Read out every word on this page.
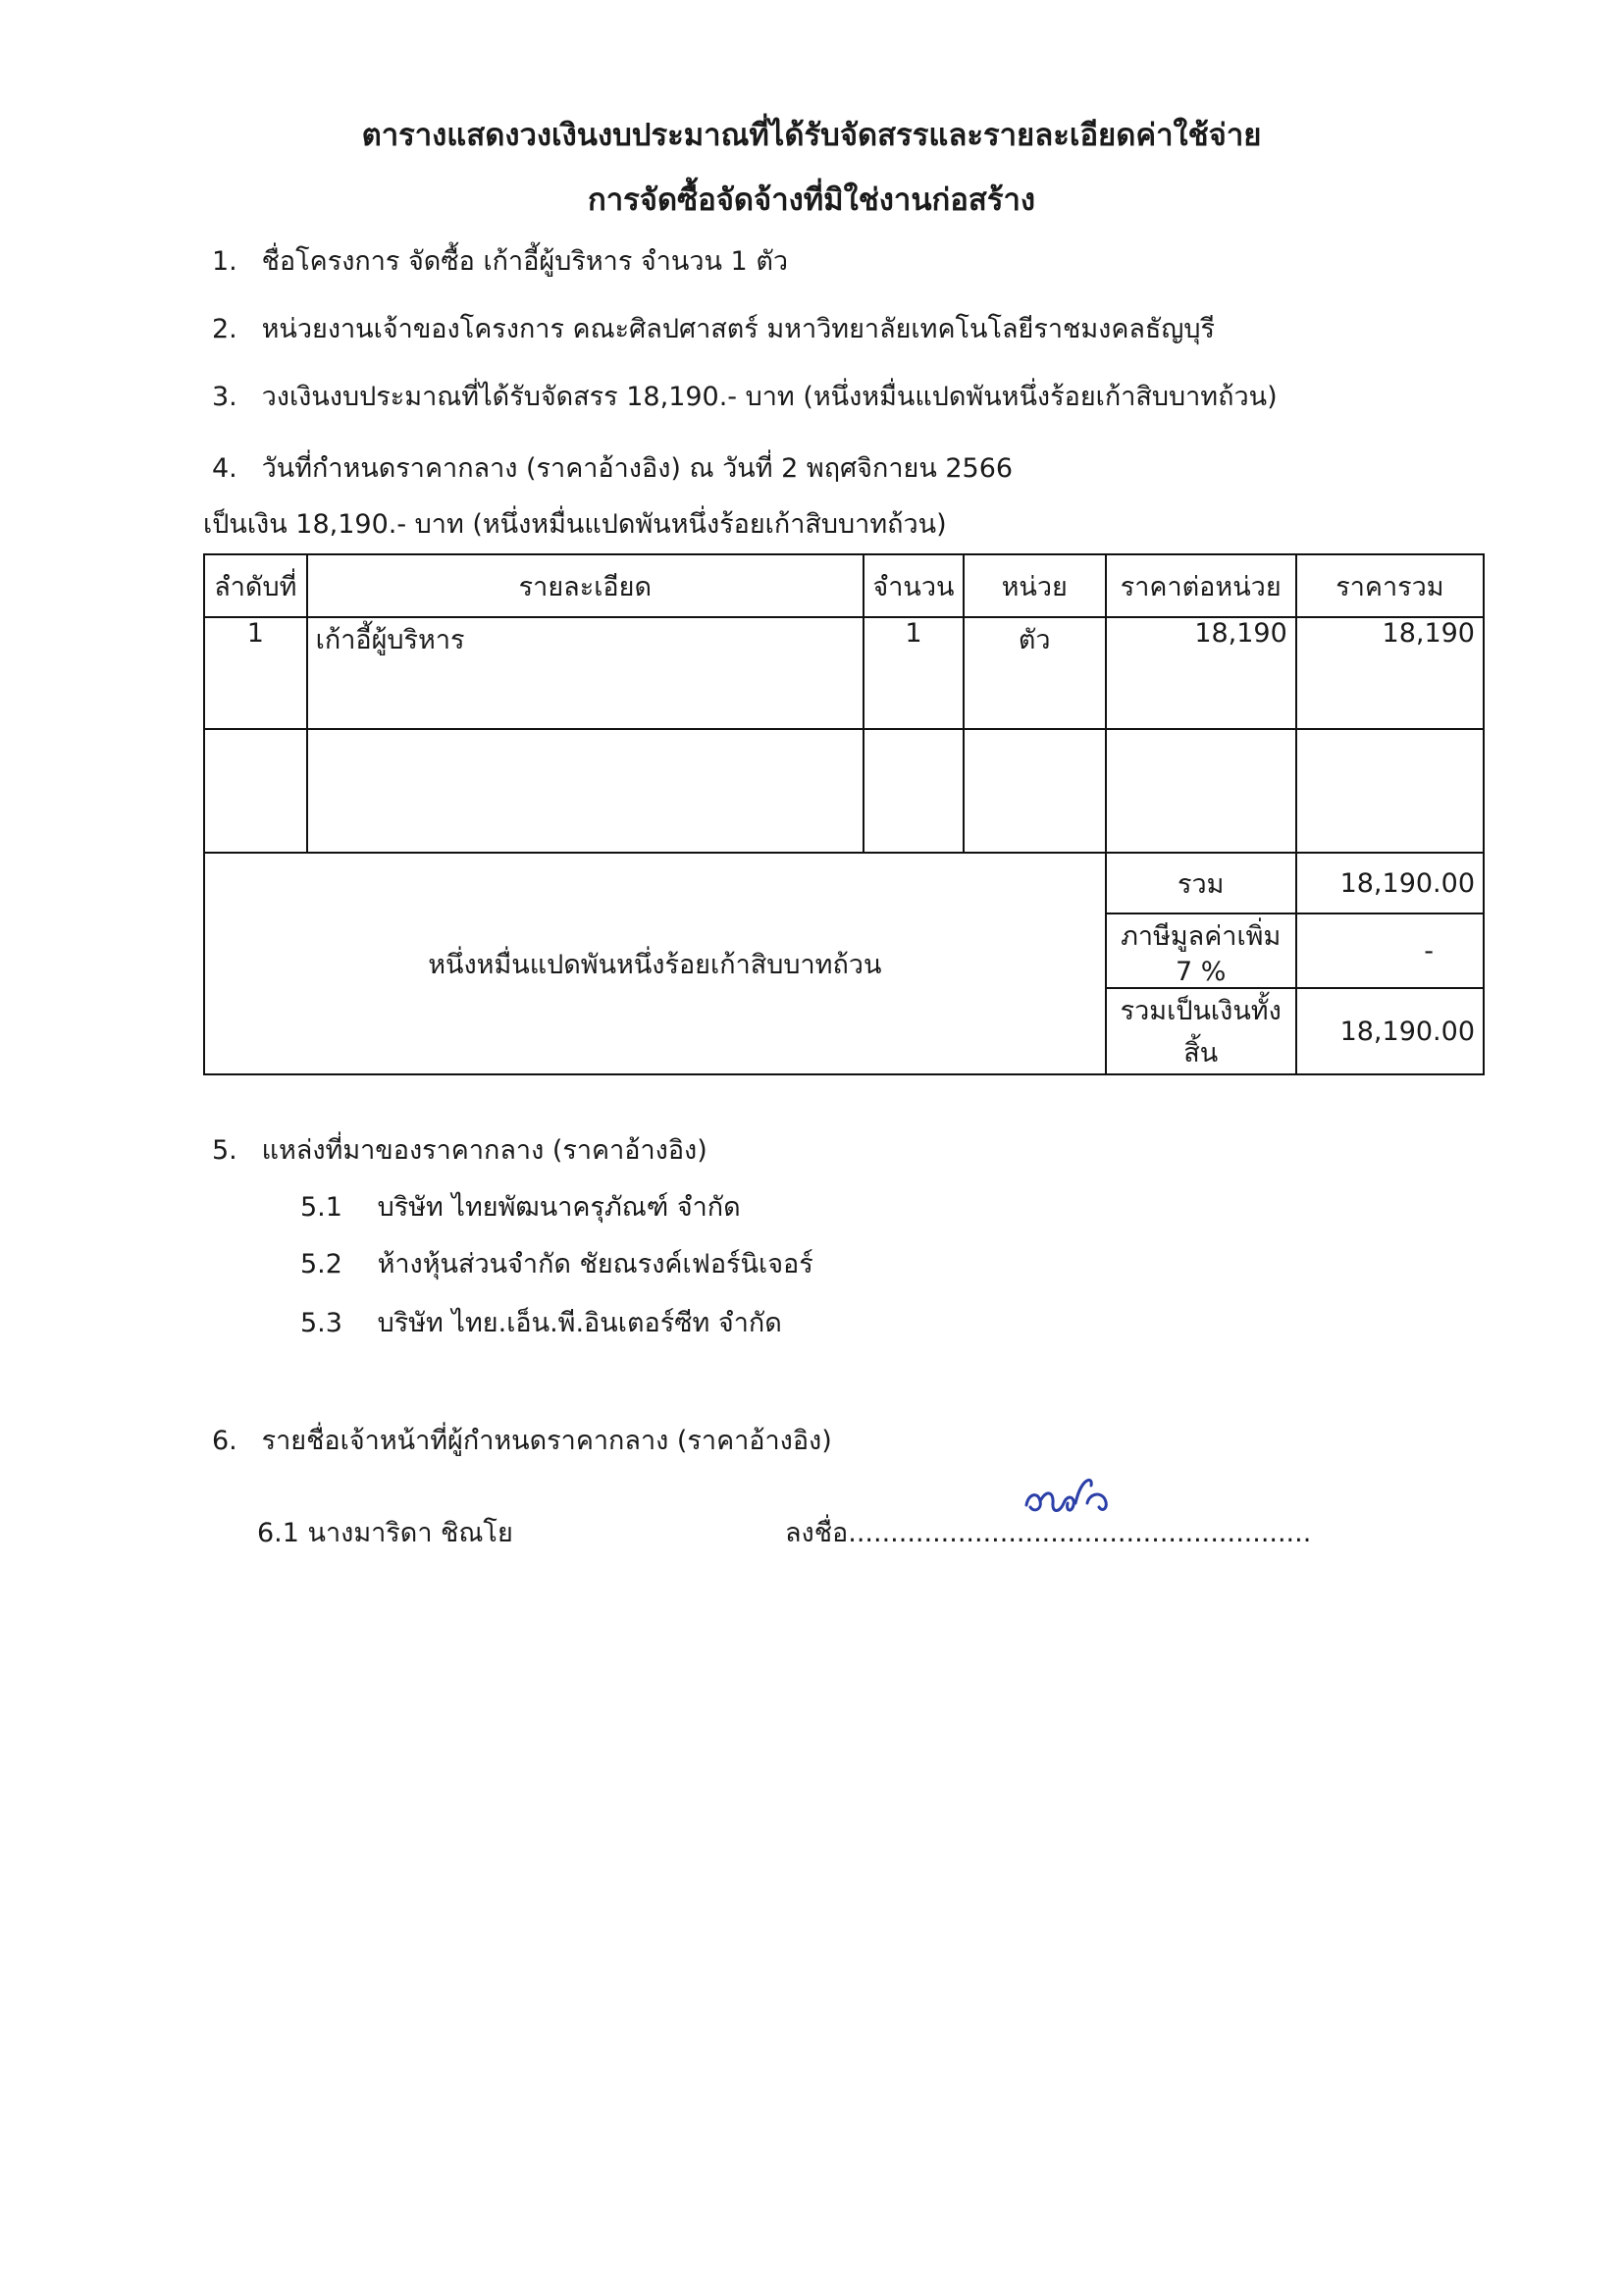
ตารางแสดงวงเงินงบประมาณที่ได้รับจัดสรรและรายละเอียดค่าใช้จ่าย
การจัดซื้อจัดจ้างที่มิใช่งานก่อสร้าง
1. ชื่อโครงการ จัดซื้อ เก้าอี้ผู้บริหาร จำนวน 1 ตัว
2. หน่วยงานเจ้าของโครงการ คณะศิลปศาสตร์ มหาวิทยาลัยเทคโนโลยีราชมงคลธัญบุรี
3. วงเงินงบประมาณที่ได้รับจัดสรร 18,190.- บาท (หนึ่งหมื่นแปดพันหนึ่งร้อยเก้าสิบบาทถ้วน)
4. วันที่กำหนดราคากลาง (ราคาอ้างอิง) ณ วันที่ 2 พฤศจิกายน 2566
เป็นเงิน 18,190.- บาท (หนึ่งหมื่นแปดพันหนึ่งร้อยเก้าสิบบาทถ้วน)
ลำดับที่	รายละเอียด	จำนวน	หน่วย	ราคาต่อหน่วย	ราคารวม
1	เก้าอี้ผู้บริหาร	1	ตัว	18,190	18,190

หนึ่งหมื่นแปดพันหนึ่งร้อยเก้าสิบบาทถ้วน				รวม	18,190.00
				ภาษีมูลค่าเพิ่ม 7 %	-
				รวมเป็นเงินทั้งสิ้น	18,190.00
5. แหล่งที่มาของราคากลาง (ราคาอ้างอิง)
5.1 บริษัท ไทยพัฒนาครุภัณฑ์ จำกัด
5.2 ห้างหุ้นส่วนจำกัด ชัยณรงค์เฟอร์นิเจอร์
5.3 บริษัท ไทย.เอ็น.พี.อินเตอร์ซีท จำกัด
6. รายชื่อเจ้าหน้าที่ผู้กำหนดราคากลาง (ราคาอ้างอิง)
6.1 นางมาริดา ชิณโย	ลงชื่อ.......................................................
